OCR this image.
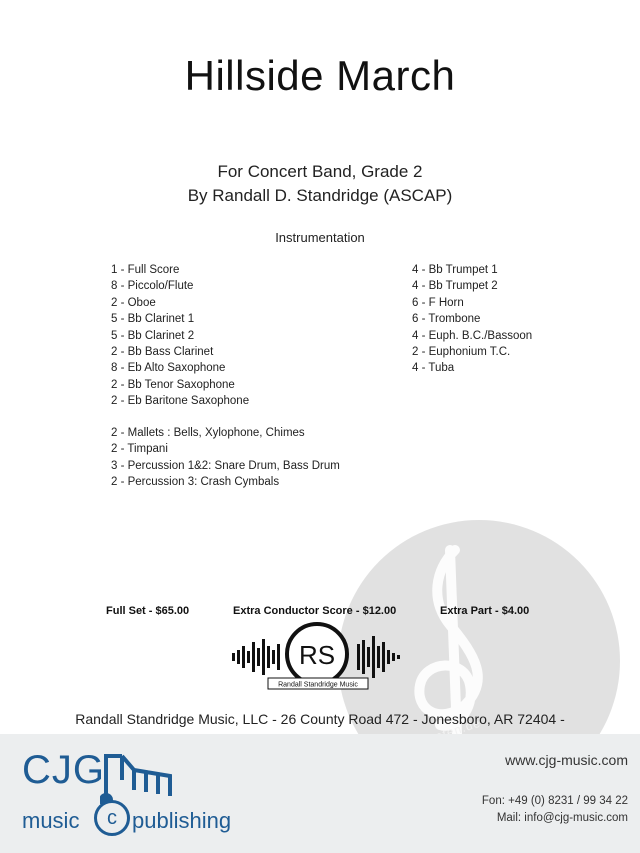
Hillside March
For Concert Band, Grade 2
By Randall D. Standridge (ASCAP)
Instrumentation
1 - Full Score
8 - Piccolo/Flute
2 - Oboe
5 - Bb Clarinet 1
5 - Bb Clarinet 2
2 - Bb Bass Clarinet
8 - Eb Alto Saxophone
2 - Bb Tenor Saxophone
2 - Eb Baritone Saxophone
4 - Bb Trumpet 1
4 - Bb Trumpet 2
6 - F Horn
6 - Trombone
4 - Euph. B.C./Bassoon
2 - Euphonium T.C.
4 - Tuba
2 - Mallets : Bells, Xylophone, Chimes
2 - Timpani
3 - Percussion 1&2: Snare Drum, Bass Drum
2 - Percussion 3: Crash Cymbals
Full Set - $65.00	Extra Conductor Score - $12.00	Extra Part - $4.00
RS
Randall Standridge Music
Randall Standridge Music, LLC - 26 County Road 472 - Jonesboro, AR 72404 -
CJG
music	c publishing
www.cjg-music.com
Fon: +49 (0) 8231 / 99 34 22
Mail: info@cjg-music.com
